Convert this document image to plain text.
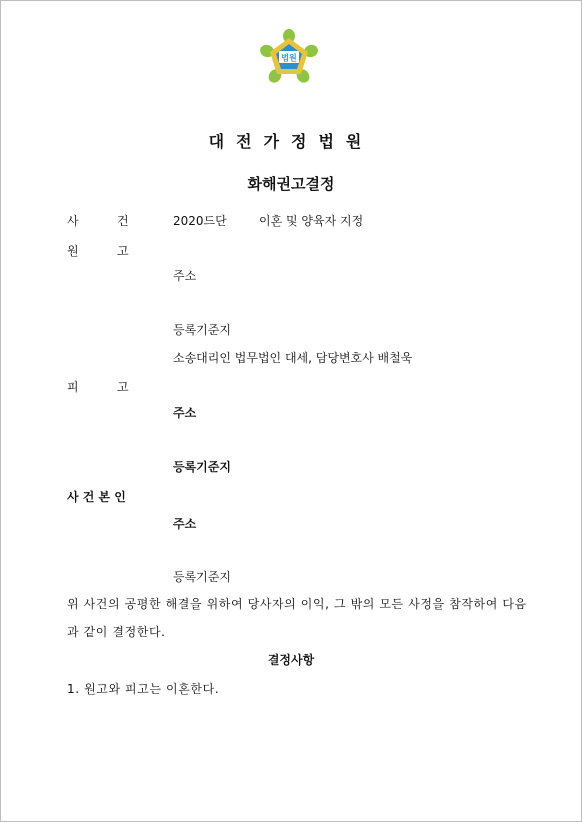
법원
대전가정법원
화해권고결정
사	건	2020드단	이혼 및 양육자 지정
원	고
주소
등록기준지
소송대리인 법무법인 대세, 담당변호사 배철욱
피	고
주소
등록기준지
사 건 본 인
주소
등록기준지
위 사건의 공평한 해결을 위하여 당사자의 이익, 그 밖의 모든 사정을 참작하여 다음
과 같이 결정한다.
결정사항
1. 원고와 피고는 이혼한다.
